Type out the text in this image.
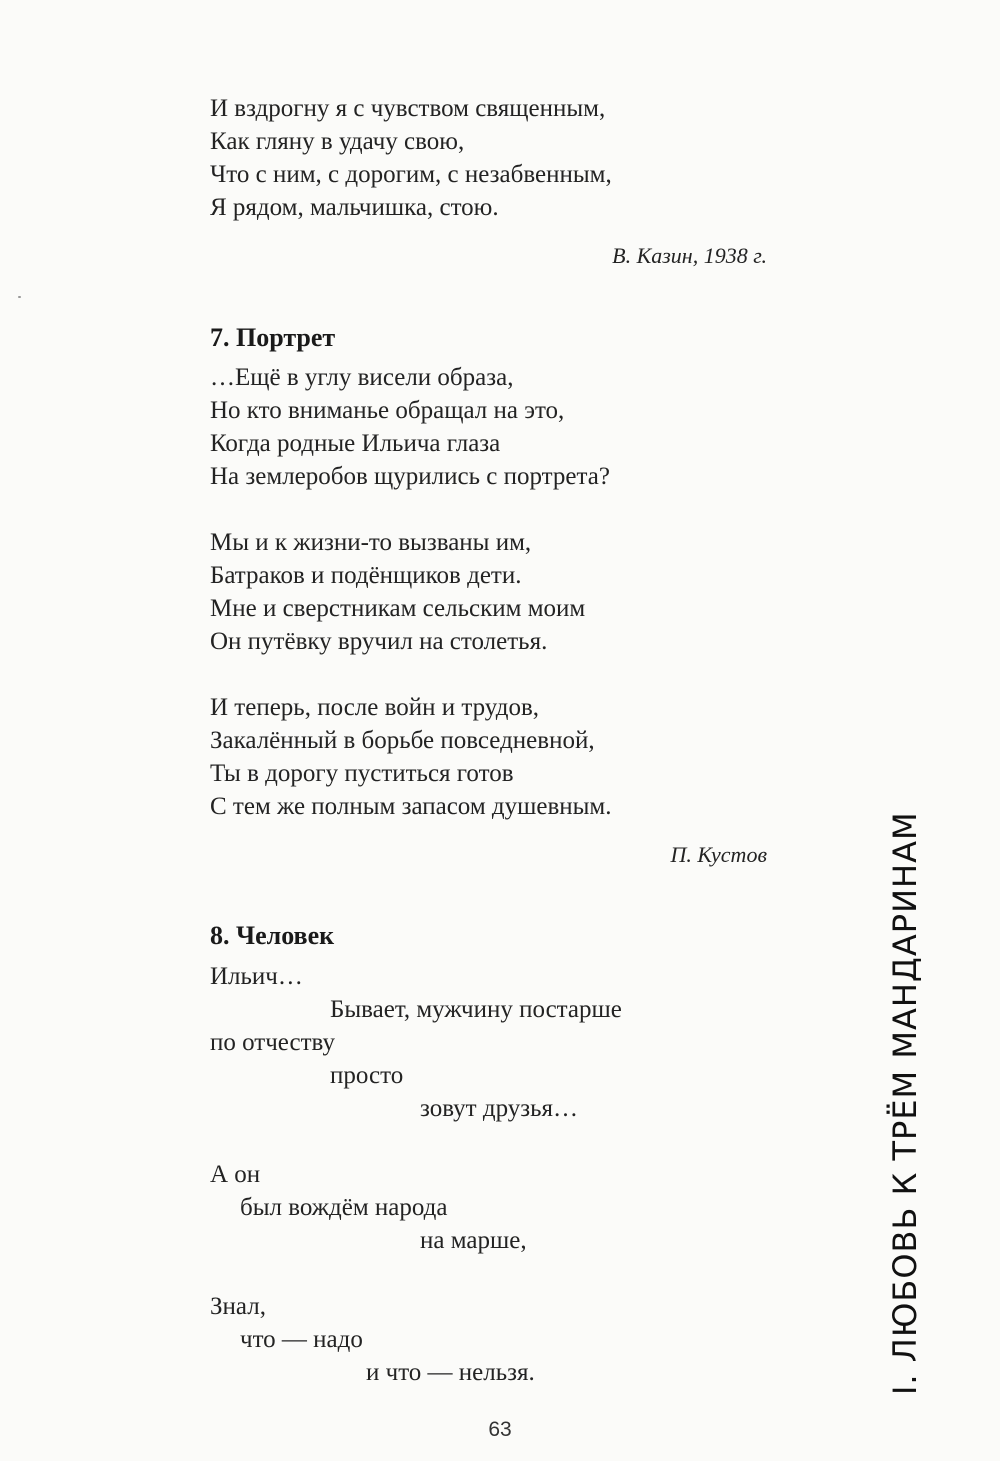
И вздрогну я с чувством священным,
Как гляну в удачу свою,
Что с ним, с дорогим, с незабвенным,
Я рядом, мальчишка, стою.
В. Казин, 1938 г.
7. Портрет
…Ещё в углу висели образа,
Но кто вниманье обращал на это,
Когда родные Ильича глаза
На землеробов щурились с портрета?
Мы и к жизни-то вызваны им,
Батраков и подёнщиков дети.
Мне и сверстникам сельским моим
Он путёвку вручил на столетья.
И теперь, после войн и трудов,
Закалённый в борьбе повседневной,
Ты в дорогу пуститься готов
С тем же полным запасом душевным.
П. Кустов
8. Человек
Ильич…
Бывает, мужчину постарше
по отчеству
просто
зовут друзья…
А он
был вождём народа
на марше,
Знал,
что — надо
и что — нельзя.	I. ЛЮБОВЬ К ТРЁМ МАНДАРИНАМ
63
